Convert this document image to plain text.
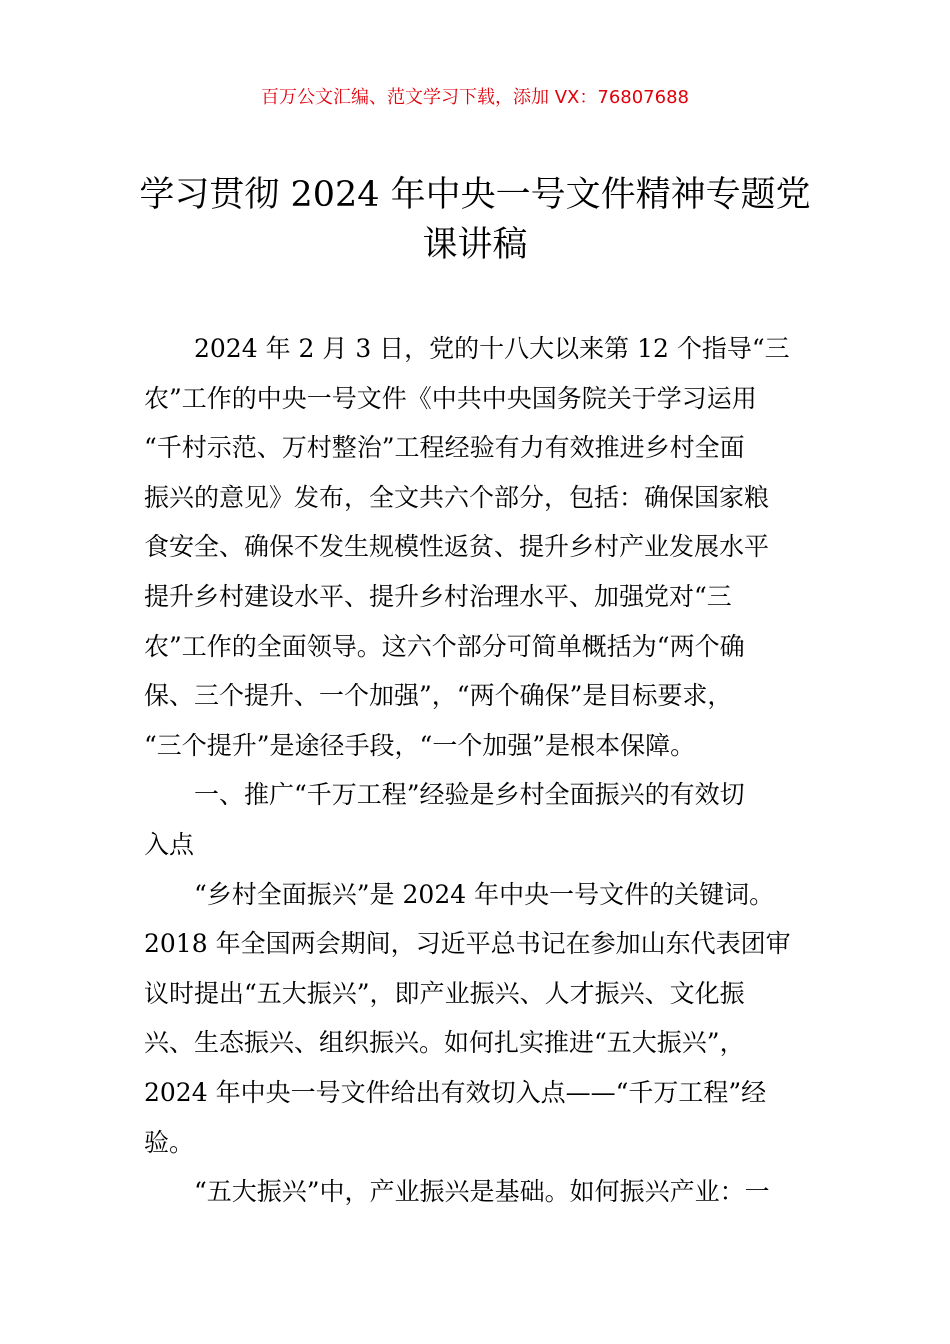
百万公文汇编、范文学习下载，添加 VX：76807688
学习贯彻 2024 年中央一号文件精神专题党
课讲稿
2024 年 2 月 3 日，党的十八大以来第 12 个指导“三
农”工作的中央一号文件《中共中央国务院关于学习运用
“千村示范、万村整治”工程经验有力有效推进乡村全面
振兴的意见》发布，全文共六个部分，包括：确保国家粮
食安全、确保不发生规模性返贫、提升乡村产业发展水平
提升乡村建设水平、提升乡村治理水平、加强党对“三
农”工作的全面领导。这六个部分可简单概括为“两个确
保、三个提升、一个加强”，“两个确保”是目标要求，
“三个提升”是途径手段，“一个加强”是根本保障。
一、推广“千万工程”经验是乡村全面振兴的有效切
入点
“乡村全面振兴”是 2024 年中央一号文件的关键词。
2018 年全国两会期间，习近平总书记在参加山东代表团审
议时提出“五大振兴”，即产业振兴、人才振兴、文化振
兴、生态振兴、组织振兴。如何扎实推进“五大振兴”，
2024 年中央一号文件给出有效切入点——“千万工程”经
验。
“五大振兴”中，产业振兴是基础。如何振兴产业：一
